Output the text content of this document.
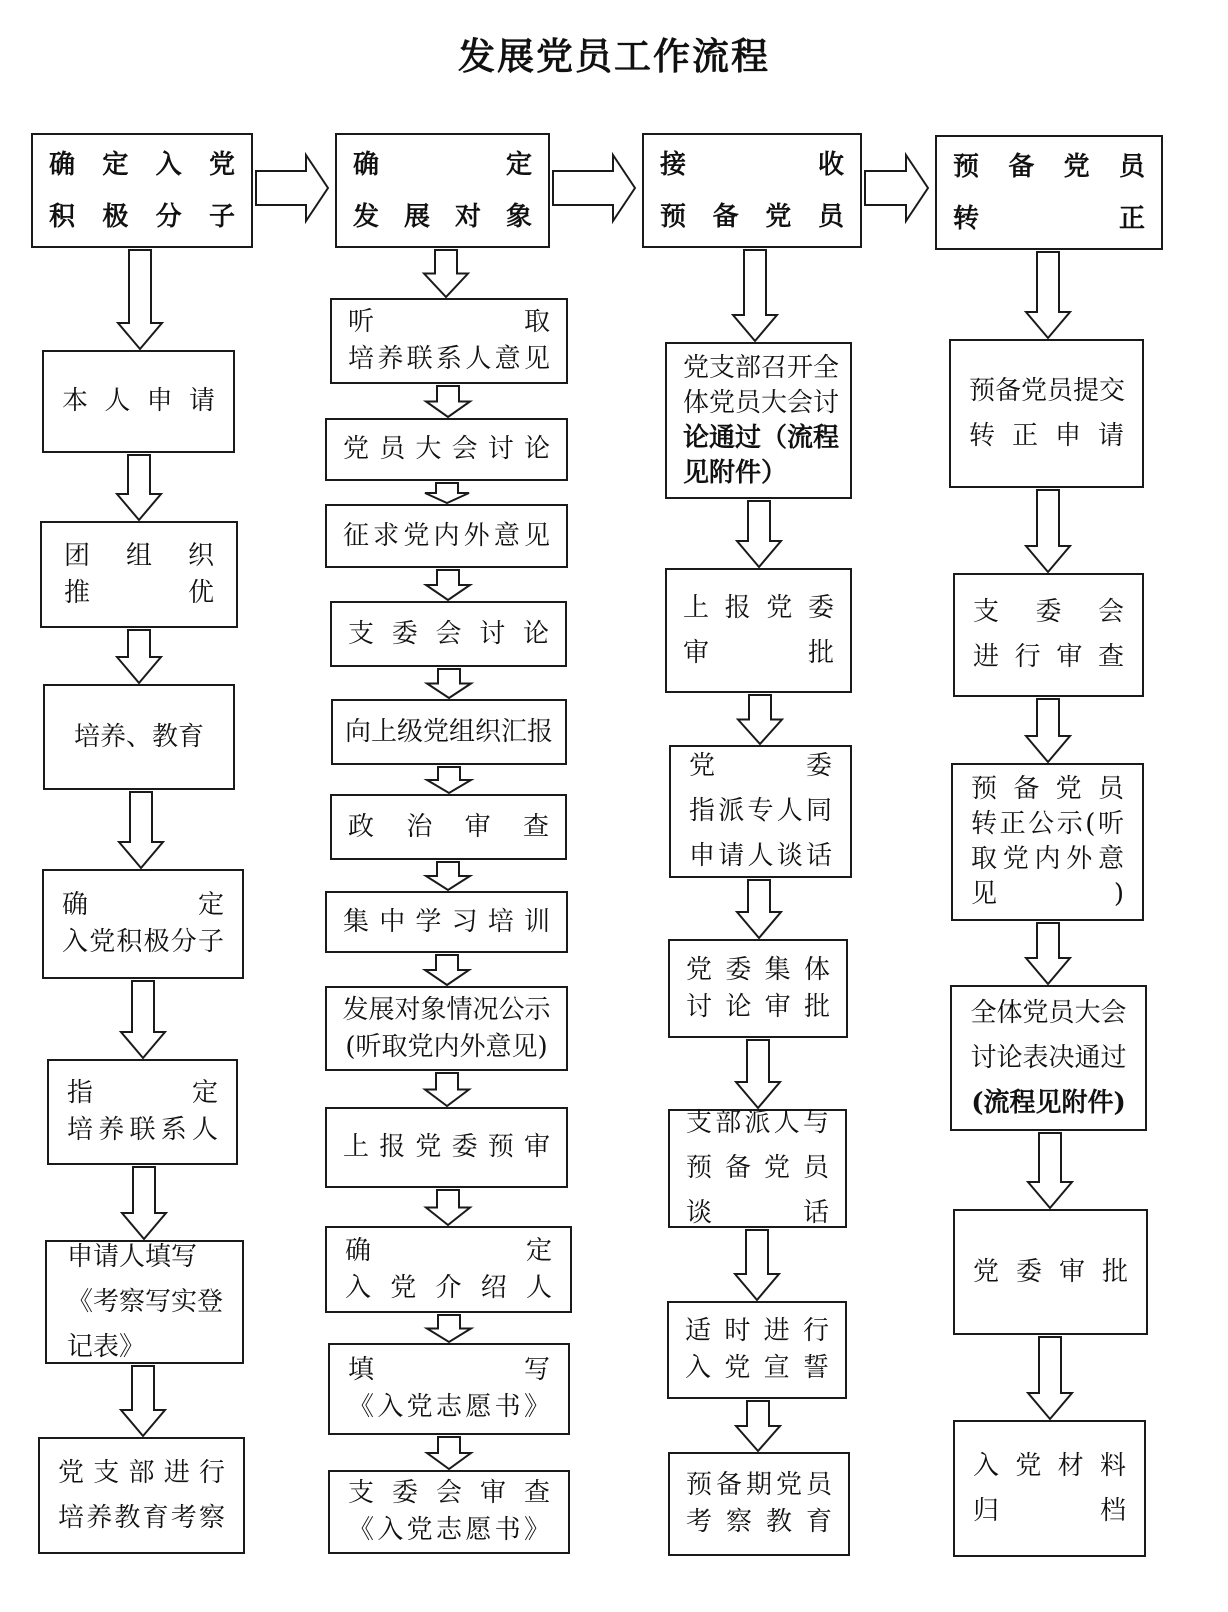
发展党员工作流程
确定入党
积极分子
本人申请
团组织
推优
培养、教育
确定
入党积极分子
指定
培养联系人
申请人填写
《考察写实登
记表》
党支部进行
培养教育考察
确定
发展对象
听取
培养联系人意见
党员大会讨论
征求党内外意见
支委会讨论
向上级党组织汇报
政治审查
集中学习培训
发展对象情况公示
(听取党内外意见)
上报党委预审
确定
入党介绍人
填写
《入党志愿书》
支委会审查
《入党志愿书》
接收
预备党员
党支部召开全
体党员大会讨
论通过（流程
见附件）
上报党委
审批
党委
指派专人同
申请人谈话
党委集体
讨论审批
支部派人与
预备党员
谈话
适时进行
入党宣誓
预备期党员
考察教育
预备党员
转正
预备党员提交
转正申请
支委会
进行审查
预备党员
转正公示(听
取党内外意
见)
全体党员大会
讨论表决通过
(流程见附件)
党委审批
入党材料
归档
